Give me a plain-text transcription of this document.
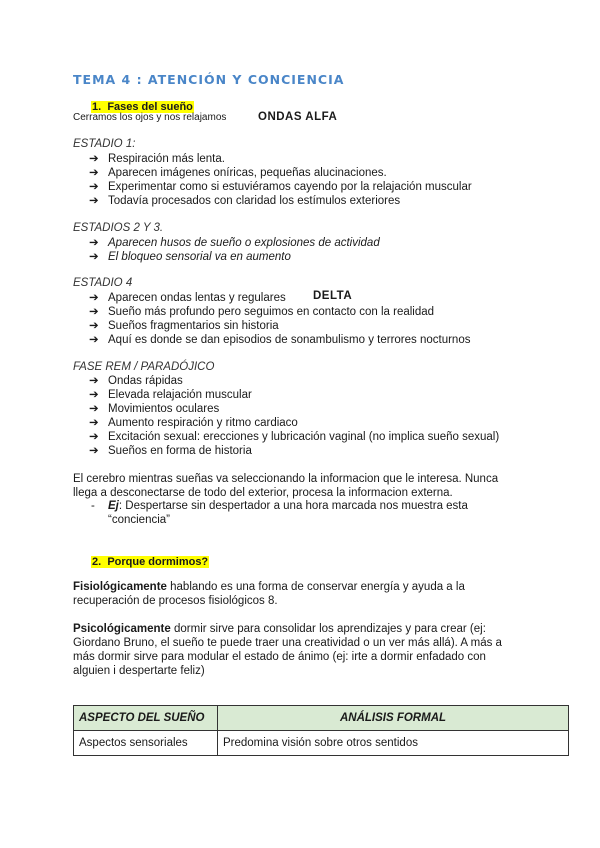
TEMA 4 : ATENCIÓN Y CONCIENCIA
1. Fases del sueño
Cerramos los ojos y nos relajamos	ONDAS ALFA
ESTADIO 1:
➔ Respiración más lenta.
➔ Aparecen imágenes oníricas, pequeñas alucinaciones.
➔ Experimentar como si estuviéramos cayendo por la relajación muscular
➔ Todavía procesados con claridad los estímulos exteriores
ESTADIOS 2 Y 3.
➔ Aparecen husos de sueño o explosiones de actividad
➔ El bloqueo sensorial va en aumento
ESTADIO 4
➔ Aparecen ondas lentas y regulares
➔ Sueño más profundo pero seguimos en contacto con la realidad
➔ Sueños fragmentarios sin historia
➔ Aquí es donde se dan episodios de sonambulismo y terrores nocturnos
DELTA
FASE REM / PARADÓJICO
➔ Ondas rápidas
➔ Elevada relajación muscular
➔ Movimientos oculares
➔ Aumento respiración y ritmo cardiaco
➔ Excitación sexual: erecciones y lubricación vaginal (no implica sueño sexual)
➔ Sueños en forma de historia
El cerebro mientras sueñas va seleccionando la informacion que le interesa. Nunca
llega a desconectarse de todo del exterior, procesa la informacion externa.
- Ej: Despertarse sin despertador a una hora marcada nos muestra esta
“conciencia”
2. Porque dormimos?
Fisiológicamente hablando es una forma de conservar energía y ayuda a la
recuperación de procesos fisiológicos 8.
Psicológicamente dormir sirve para consolidar los aprendizajes y para crear (ej:
Giordano Bruno, el sueño te puede traer una creatividad o un ver más allá). A más a
más dormir sirve para modular el estado de ánimo (ej: irte a dormir enfadado con
alguien i despertarte feliz)
ASPECTO DEL SUEÑO	ANÁLISIS FORMAL
Aspectos sensoriales	Predomina visión sobre otros sentidos
